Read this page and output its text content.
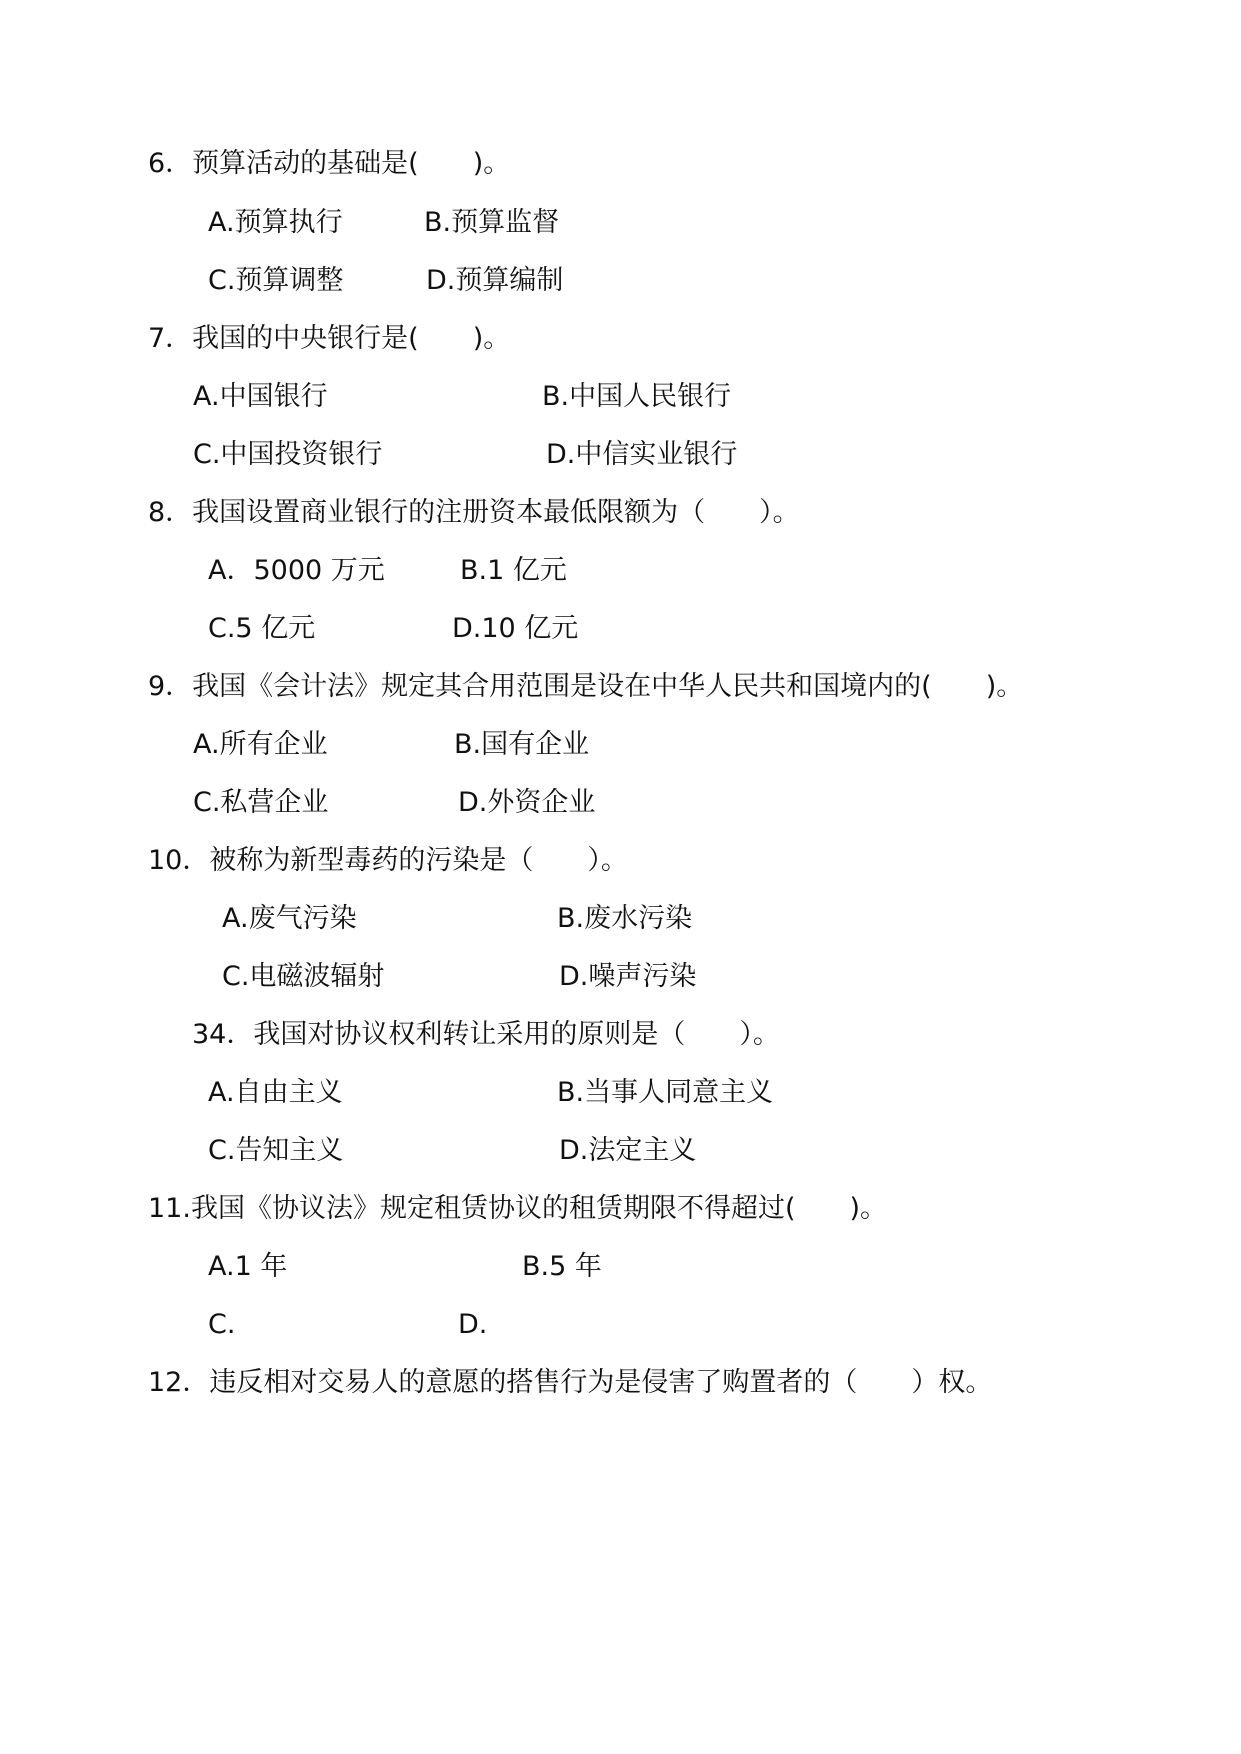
6．预算活动的基础是(　　)。
A.预算执行	B.预算监督
C.预算调整	D.预算编制
7．我国的中央银行是(　　)。
A.中国银行	B.中国人民银行
C.中国投资银行	D.中信实业银行
8．我国设置商业银行的注册资本最低限额为（　　）。
A．5000 万元	B.1 亿元
C.5 亿元	D.10 亿元
9．我国《会计法》规定其合用范围是设在中华人民共和国境内的(　　)。
A.所有企业	B.国有企业
C.私营企业	D.外资企业
10．被称为新型毒药的污染是（　　）。
A.废气污染	B.废水污染
C.电磁波辐射	D.噪声污染
34．我国对协议权利转让采用的原则是（　　）。
A.自由主义	B.当事人同意主义
C.告知主义	D.法定主义
11.我国《协议法》规定租赁协议的租赁期限不得超过(　　)。
A.1 年	B.5 年
C.	D.
12．违反相对交易人的意愿的搭售行为是侵害了购置者的（　　）权。
